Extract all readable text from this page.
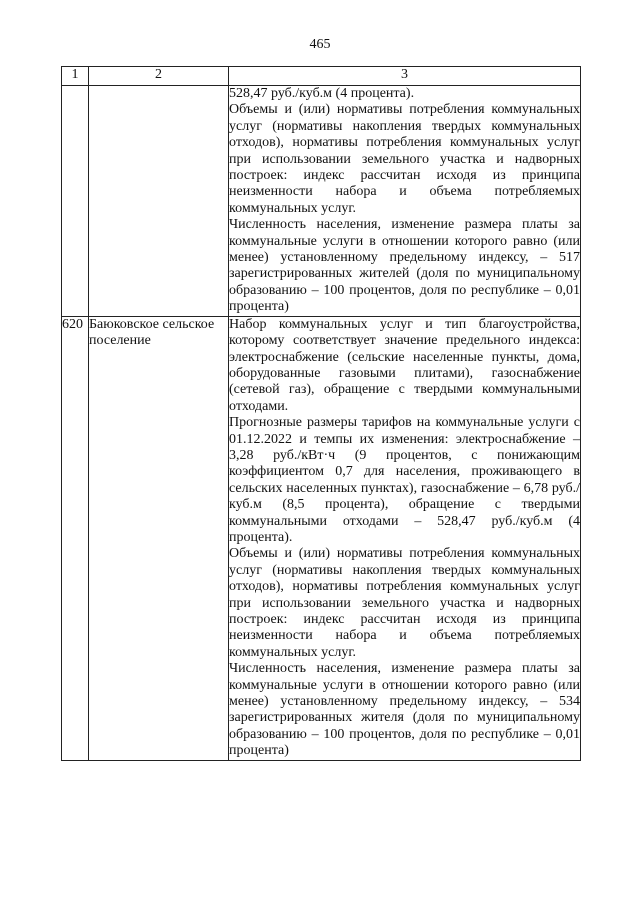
465
1	2	3

		528,47 руб./куб.м (4 процента).

Объемы и (или) нормативы потребления коммунальных услуг (нормативы накопления твердых коммунальных отходов), нормативы потребления коммунальных услуг при использовании земельного участка и надворных построек: индекс рассчитан исходя из принципа неизменности набора и объема потребляемых коммунальных услуг.

Численность населения, изменение размера платы за коммунальные услуги в отношении которого равно (или менее) установленному предельному индексу, – 517 зарегистрированных жителей (доля по муниципальному образованию – 100 процентов, доля по республике – 0,01 процента)

620	Баюковское сельское поселение	Набор коммунальных услуг и тип благоустройства, которому соответствует значение предельного индекса: электроснабжение (сельские населенные пункты, дома, оборудованные газовыми плитами), газоснабжение (сетевой газ), обращение с твердыми коммунальными отходами.

Прогнозные размеры тарифов на коммунальные услуги с 01.12.2022 и темпы их изменения: электроснабжение – 3,28 руб./кВт·ч (9 процентов, с понижающим коэффициентом 0,7 для населения, проживающего в сельских населенных пунктах), газоснабжение – 6,78 руб./куб.м (8,5 процента), обращение с твердыми коммунальными отходами – 528,47 руб./куб.м (4 процента).

Объемы и (или) нормативы потребления коммунальных услуг (нормативы накопления твердых коммунальных отходов), нормативы потребления коммунальных услуг при использовании земельного участка и надворных построек: индекс рассчитан исходя из принципа неизменности набора и объема потребляемых коммунальных услуг.

Численность населения, изменение размера платы за коммунальные услуги в отношении которого равно (или менее) установленному предельному индексу, – 534 зарегистрированных жителя (доля по муниципальному образованию – 100 процентов, доля по республике – 0,01 процента)
